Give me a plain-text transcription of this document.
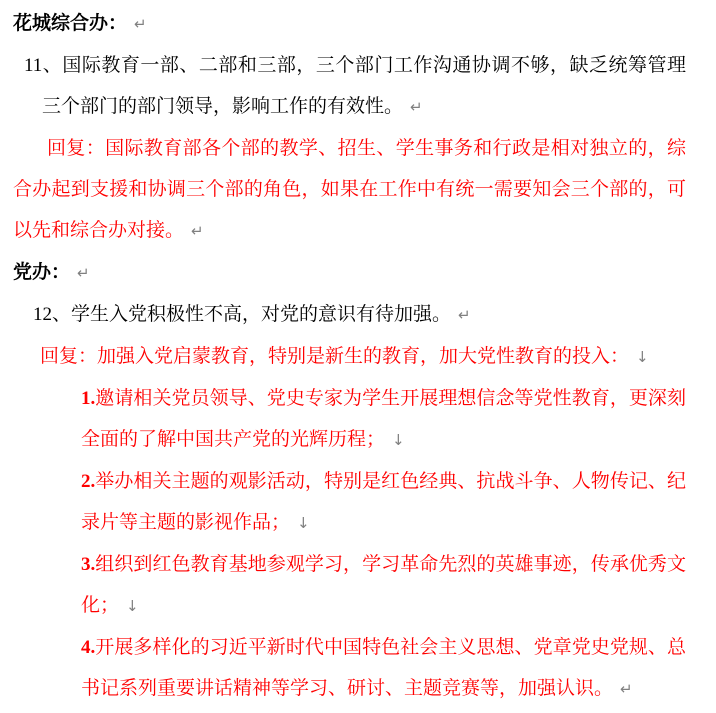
花城综合办： ↵

11、国际教育一部、二部和三部，三个部门工作沟通协调不够，缺乏统筹管理三个部门的部门领导，影响工作的有效性。 ↵

回复：国际教育部各个部的教学、招生、学生事务和行政是相对独立的，综合办起到支援和协调三个部的角色，如果在工作中有统一需要知会三个部的，可以先和综合办对接。 ↵

党办： ↵

12、学生入党积极性不高，对党的意识有待加强。 ↵

回复：加强入党启蒙教育，特别是新生的教育，加大党性教育的投入： ↓

1.邀请相关党员领导、党史专家为学生开展理想信念等党性教育，更深刻全面的了解中国共产党的光辉历程； ↓

2.举办相关主题的观影活动，特别是红色经典、抗战斗争、人物传记、纪录片等主题的影视作品； ↓

3.组织到红色教育基地参观学习，学习革命先烈的英雄事迹，传承优秀文化； ↓

4.开展多样化的习近平新时代中国特色社会主义思想、党章党史党规、总书记系列重要讲话精神等学习、研讨、主题竞赛等，加强认识。 ↵
